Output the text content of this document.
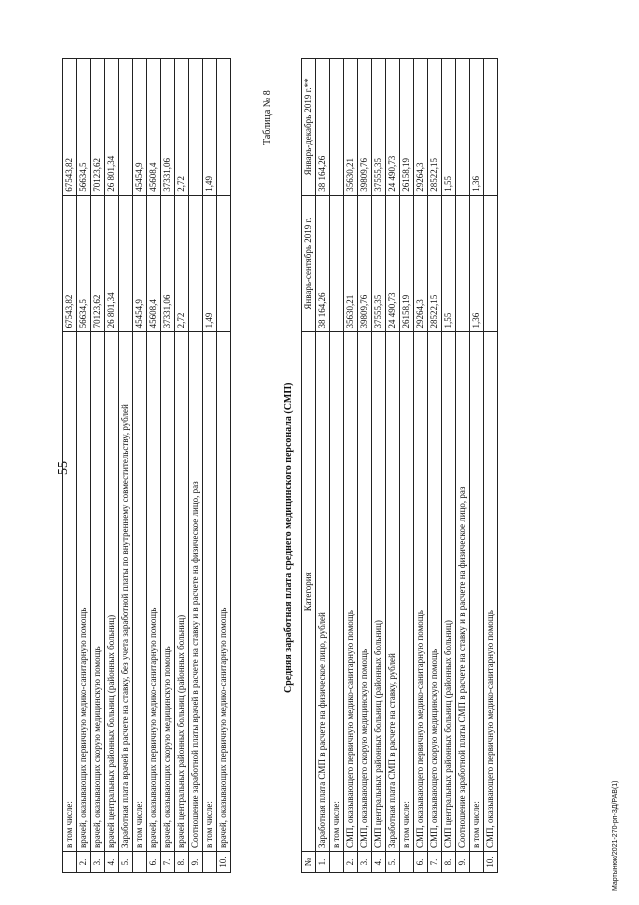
55
Мартынюк/2021-270-рп-3Д/РАВ(1)
	в том числе:	67543,82	67543,82
2.	врачей, оказывающих первичную медико-санитарную помощь	56634,5	56634,5
3.	врачей, оказывающих скорую медицинскую помощь	70123,62	70123,62
4.	врачей центральных районных больниц (районных больниц)	26 801,34	26 801,34
5.	Заработная плата врачей в расчете на ставку, без учета заработной платы по внутреннему совместительству, рублей		
	в том числе:	45454,9	45454,9
6.	врачей, оказывающих первичную медико-санитарную помощь	45608,4	45608,4
7.	врачей, оказывающих скорую медицинскую помощь	37331,06	37331,06
8.	врачей центральных районных больниц (районных больниц)	2,72	2,72
9.	Соотношение заработной платы врачей в расчете на ставку и в расчете на физическое лицо, раз		
	в том числе:	1,49	1,49
10.	врачей, оказывающих первичную медико-санитарную помощь		
Таблица № 8
Средняя заработная плата среднего медицинского персонала (СМП)
№	Категория	Январь-сентябрь 2019 г.	Январь-декабрь 2019 г.**
1.	Заработная плата СМП в расчете на физическое лицо, рублей	38 164,26	38 164,26
	в том числе:		
2.	СМП, оказывающего первичную медико-санитарную помощь	35630,21	35630,21
3.	СМП, оказывающего скорую медицинскую помощь	39809,76	39809,76
4.	СМП центральных районных больниц (районных больниц)	37555,35	37555,35
5.	Заработная плата СМП в расчете на ставку, рублей	24 490,73	24 490,73
	в том числе:	26158,19	26158,19
6.	СМП, оказывающего первичную медико-санитарную помощь	29264,3	29264,3
7.	СМП, оказывающего скорую медицинскую помощь	28522,15	28522,15
8.	СМП центральных районных больниц (районных больниц)	1,55	1,55
9.	Соотношение заработной платы СМП в расчете на ставку и в расчете на физическое лицо, раз		
	в том числе:	1,36	1,36
10.	СМП, оказывающего первичную медико-санитарную помощь		
